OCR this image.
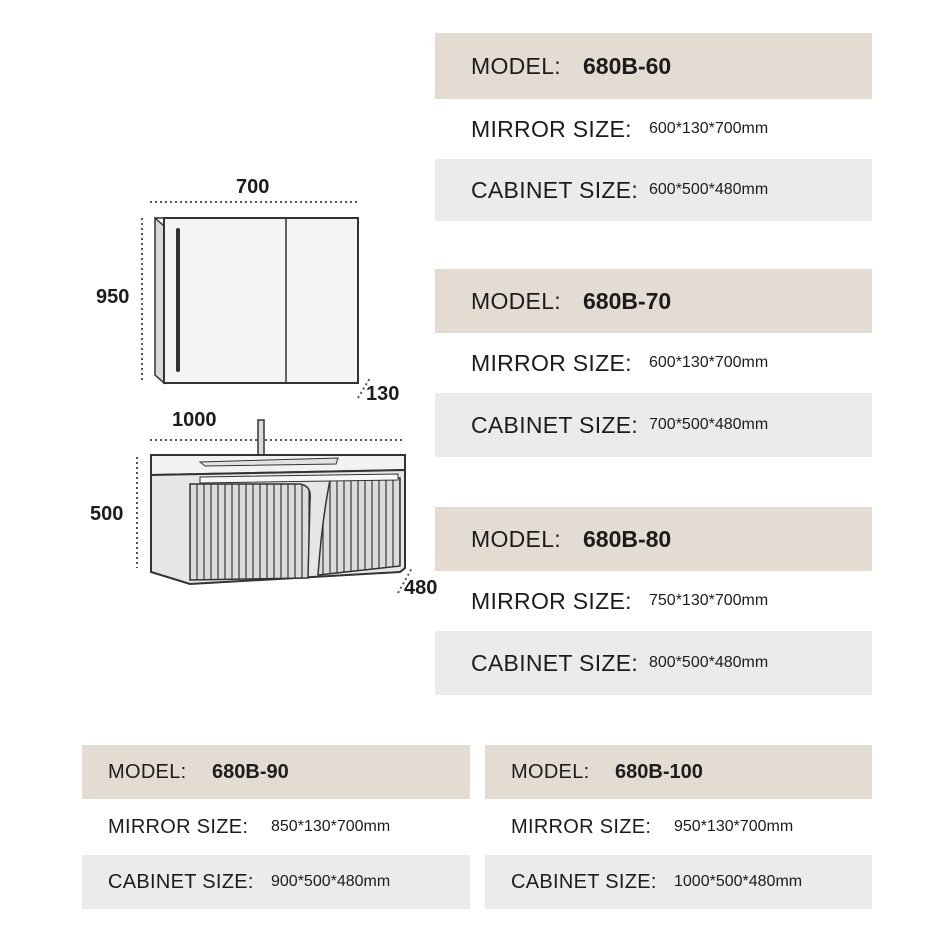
700
950
130
1000
500
480
MODEL: 680B-60
MIRROR SIZE:	600*130*700mm
CABINET SIZE: 600*500*480mm
MODEL: 680B-70
MIRROR SIZE:	600*130*700mm
CABINET SIZE: 700*500*480mm
MODEL: 680B-80
MIRROR SIZE:	750*130*700mm
CABINET SIZE: 800*500*480mm
MODEL:	680B-90
MIRROR SIZE:	850*130*700mm
CABINET SIZE:	900*500*480mm
MODEL:	680B-100
MIRROR SIZE:	950*130*700mm
CABINET SIZE:	1000*500*480mm
